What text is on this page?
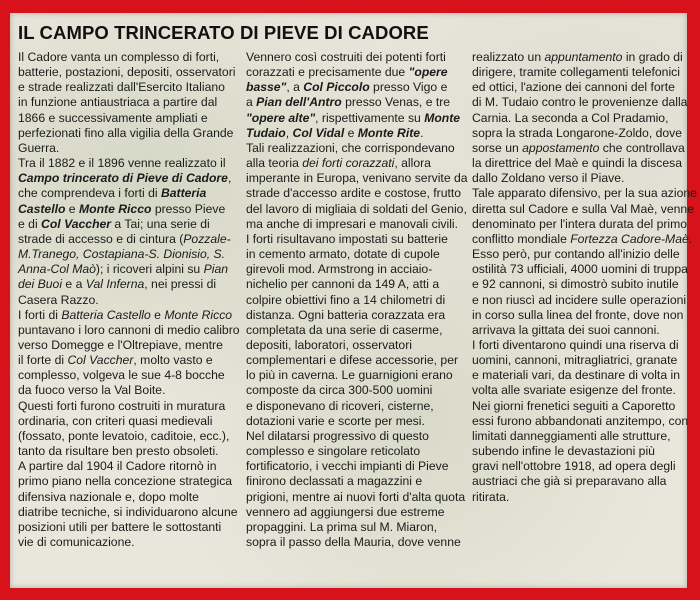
IL CAMPO TRINCERATO DI PIEVE DI CADORE
Il Cadore vanta un complesso di forti,
batterie, postazioni, depositi, osservatori
e strade realizzati dall'Esercito Italiano
in funzione antiaustriaca a partire dal
1866 e successivamente ampliati e
perfezionati fino alla vigilia della Grande
Guerra.
Tra il 1882 e il 1896 venne realizzato il
Campo trincerato di Pieve di Cadore,
che comprendeva i forti di Batteria
Castello e Monte Ricco presso Pieve
e di Col Vaccher a Tai; una serie di
strade di accesso e di cintura (Pozzale-
M.Tranego, Costapiana-S. Dionisio, S.
Anna-Col Maò); i ricoveri alpini su Pian
dei Buoi e a Val Inferna, nei pressi di
Casera Razzo.
I forti di Batteria Castello e Monte Ricco
puntavano i loro cannoni di medio calibro
verso Domegge e l'Oltrepiave, mentre
il forte di Col Vaccher, molto vasto e
complesso, volgeva le sue 4-8 bocche
da fuoco verso la Val Boite.
Questi forti furono costruiti in muratura
ordinaria, con criteri quasi medievali
(fossato, ponte levatoio, caditoie, ecc.),
tanto da risultare ben presto obsoleti.
A partire dal 1904 il Cadore ritornò in
primo piano nella concezione strategica
difensiva nazionale e, dopo molte
diatribe tecniche, si individuarono alcune
posizioni utili per battere le sottostanti
vie di comunicazione.
Vennero così costruiti dei potenti forti
corazzati e precisamente due "opere
basse", a Col Piccolo presso Vigo e
a Pian dell'Antro presso Venas, e tre
"opere alte", rispettivamente su Monte
Tudaio, Col Vidal e Monte Rite.
Tali realizzazioni, che corrispondevano
alla teoria dei forti corazzati, allora
imperante in Europa, venivano servite da
strade d'accesso ardite e costose, frutto
del lavoro di migliaia di soldati del Genio,
ma anche di impresari e manovali civili.
I forti risultavano impostati su batterie
in cemento armato, dotate di cupole
girevoli mod. Armstrong in acciaio-
nichelio per cannoni da 149 A, atti a
colpire obiettivi fino a 14 chilometri di
distanza. Ogni batteria corazzata era
completata da una serie di caserme,
depositi, laboratori, osservatori
complementari e difese accessorie, per
lo più in caverna. Le guarnigioni erano
composte da circa 300-500 uomini
e disponevano di ricoveri, cisterne,
dotazioni varie e scorte per mesi.
Nel dilatarsi progressivo di questo
complesso e singolare reticolato
fortificatorio, i vecchi impianti di Pieve
finirono declassati a magazzini e
prigioni, mentre ai nuovi forti d'alta quota
vennero ad aggiungersi due estreme
propaggini. La prima sul M. Miaron,
sopra il passo della Mauria, dove venne
realizzato un appuntamento in grado di
dirigere, tramite collegamenti telefonici
ed ottici, l'azione dei cannoni del forte
di M. Tudaio contro le provenienze dalla
Carnia. La seconda a Col Pradamio,
sopra la strada Longarone-Zoldo, dove
sorse un appostamento che controllava
la direttrice del Maè e quindi la discesa
dallo Zoldano verso il Piave.
Tale apparato difensivo, per la sua azione
diretta sul Cadore e sulla Val Maè, venne
denominato per l'intera durata del primo
conflitto mondiale Fortezza Cadore-Maè.
Esso però, pur contando all'inizio delle
ostilità 73 ufficiali, 4000 uomini di truppa
e 92 cannoni, si dimostrò subito inutile
e non riuscì ad incidere sulle operazioni
in corso sulla linea del fronte, dove non
arrivava la gittata dei suoi cannoni.
I forti diventarono quindi una riserva di
uomini, cannoni, mitragliatrici, granate
e materiali vari, da destinare di volta in
volta alle svariate esigenze del fronte.
Nei giorni frenetici seguiti a Caporetto
essi furono abbandonati anzitempo, con
limitati danneggiamenti alle strutture,
subendo infine le devastazioni più
gravi nell'ottobre 1918, ad opera degli
austriaci che già si preparavano alla
ritirata.
